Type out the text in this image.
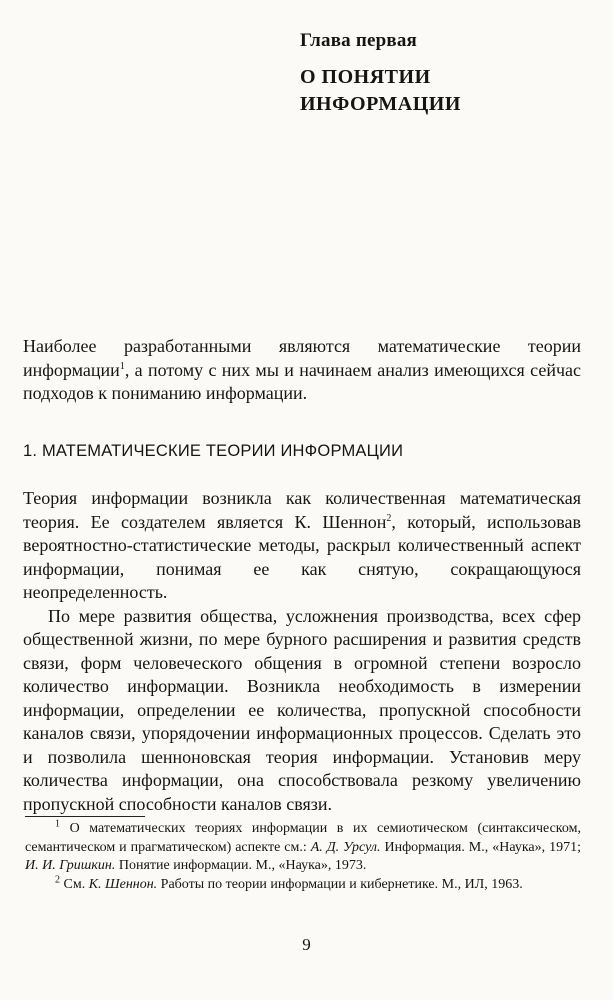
Глава первая
О ПОНЯТИИ ИНФОРМАЦИИ
Наиболее разработанными являются математические теории информации$^1$, а потому с них мы и начинаем анализ имеющихся сейчас подходов к пониманию информации.
1. МАТЕМАТИЧЕСКИЕ ТЕОРИИ ИНФОРМАЦИИ

Теория информации возникла как количественная математическая теория. Ее создателем является К. Шеннон$^2$, который, использовав вероятностно-статистические методы, раскрыл количественный аспект информации, понимая ее как снятую, сокращающуюся неопределенность.

По мере развития общества, усложнения производства, всех сфер общественной жизни, по мере бурного расширения и развития средств связи, форм человеческого общения в огромной степени возросло количество информации. Возникла необходимость в измерении информации, определении ее количества, пропускной способности каналов связи, упорядочении информационных процессов. Сделать это и позволила шенноновская теория информации. Установив меру количества информации, она способствовала резкому увеличению пропускной способности каналов связи.

$^1$ О математических теориях информации в их семиотическом (синтаксическом, семантическом и прагматическом) аспекте см.: А. Д. Урсул. Информация. М., «Наука», 1971; И. И. Гришкин. Понятие информации. М., «Наука», 1973.

$^2$ См. К. Шеннон. Работы по теории информации и кибернетике. М., ИЛ, 1963.

9
